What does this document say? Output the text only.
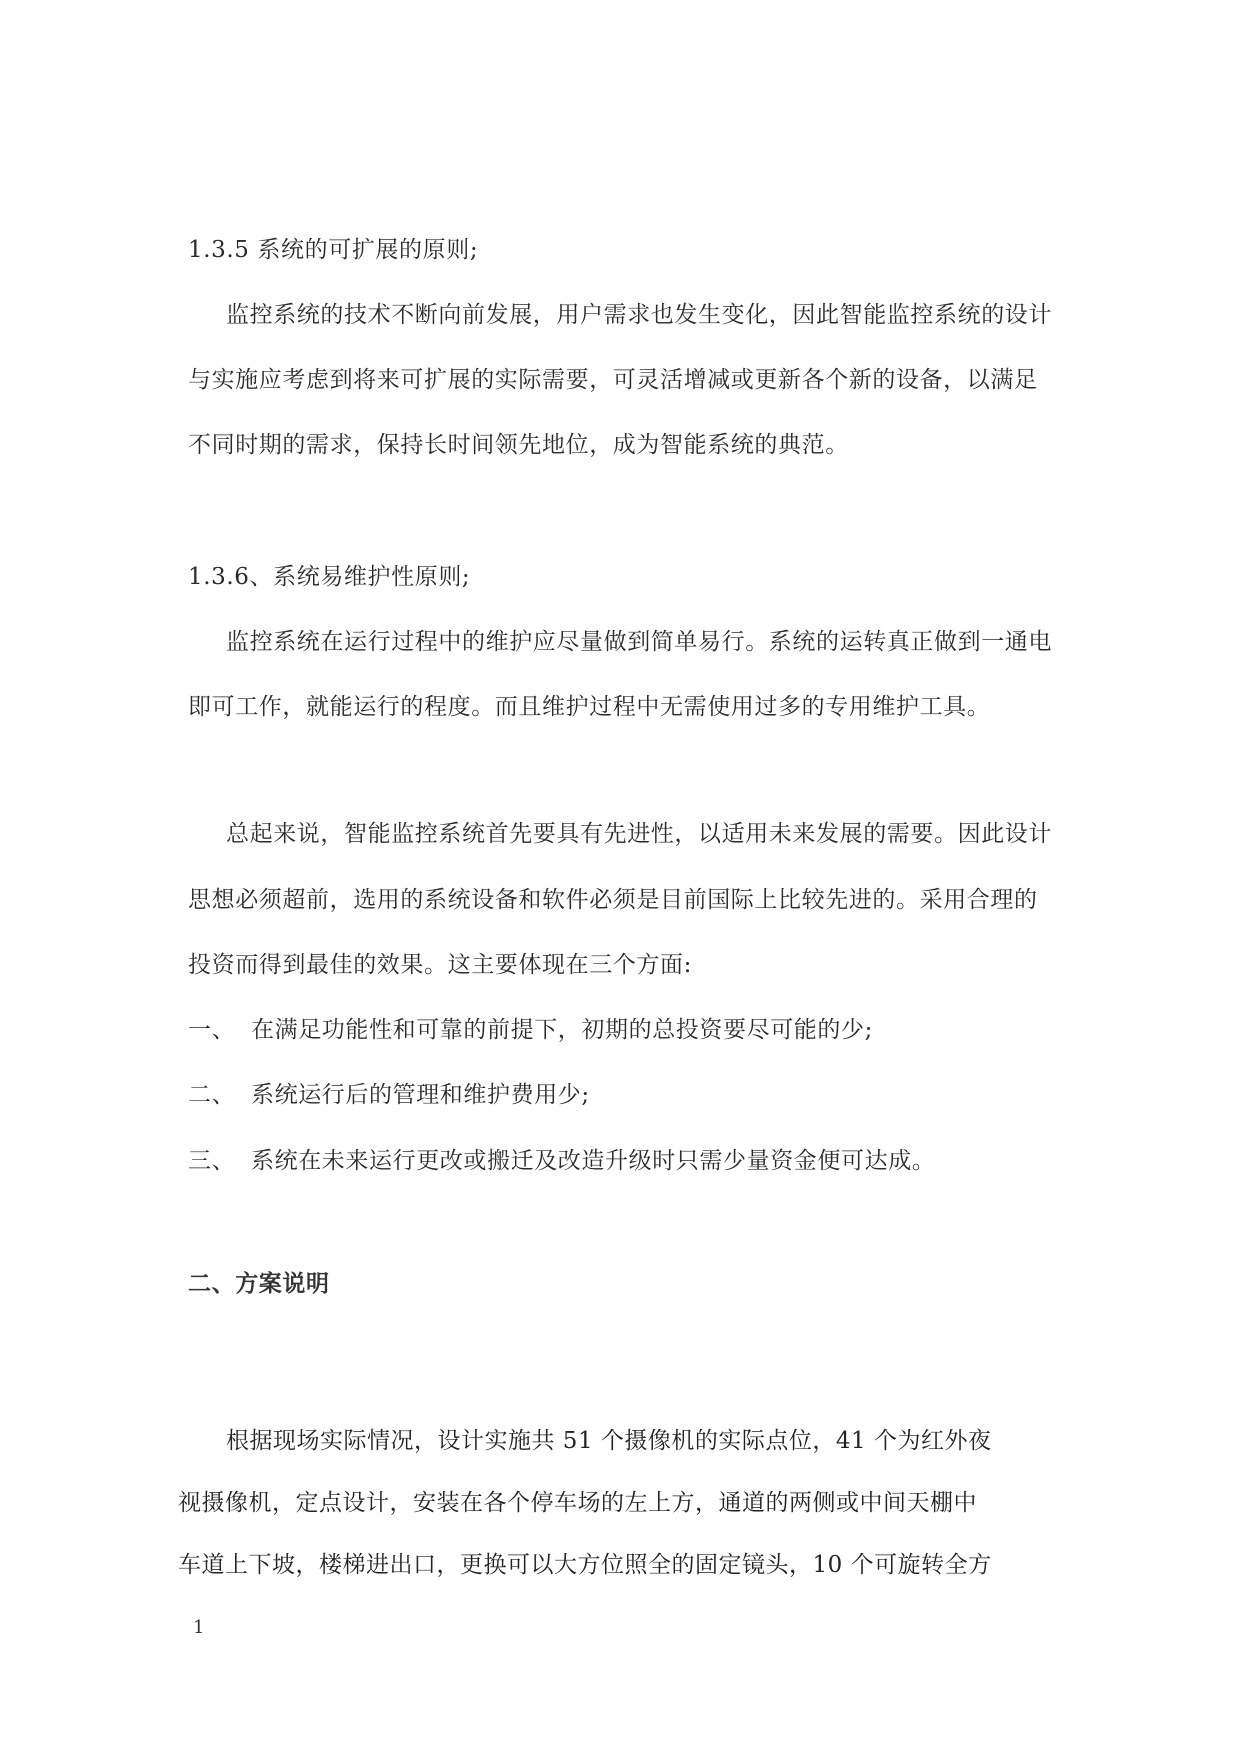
1.3.5 系统的可扩展的原则;
监控系统的技术不断向前发展，用户需求也发生变化，因此智能监控系统的设计
与实施应考虑到将来可扩展的实际需要，可灵活增减或更新各个新的设备，以满足
不同时期的需求，保持长时间领先地位，成为智能系统的典范。
1.3.6、系统易维护性原则;
监控系统在运行过程中的维护应尽量做到简单易行。系统的运转真正做到一通电
即可工作，就能运行的程度。而且维护过程中无需使用过多的专用维护工具。
总起来说，智能监控系统首先要具有先进性，以适用未来发展的需要。因此设计
思想必须超前，选用的系统设备和软件必须是目前国际上比较先进的。采用合理的
投资而得到最佳的效果。这主要体现在三个方面:
一、 在满足功能性和可靠的前提下，初期的总投资要尽可能的少;
二、 系统运行后的管理和维护费用少;
三、 系统在未来运行更改或搬迁及改造升级时只需少量资金便可达成。
二、方案说明
根据现场实际情况，设计实施共 51 个摄像机的实际点位，41 个为红外夜
视摄像机，定点设计，安装在各个停车场的左上方，通道的两侧或中间天棚中
车道上下坡，楼梯进出口，更换可以大方位照全的固定镜头，10 个可旋转全方
1
